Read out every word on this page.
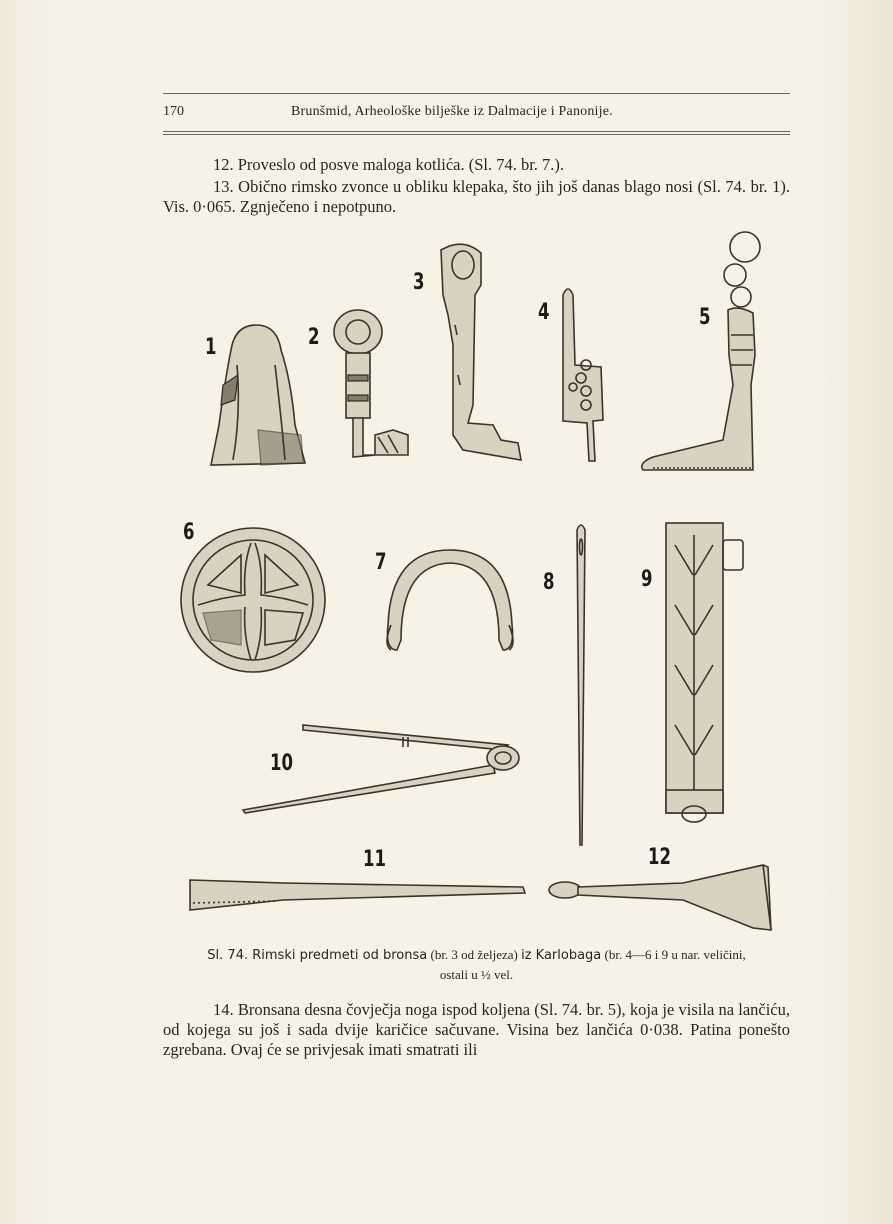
170	Brunšmid, Arheološke bilješke iz Dalmacije i Panonije.
12. Proveslo od posve maloga kotlića. (Sl. 74. br. 7.).
13. Obično rimsko zvonce u obliku klepaka, što jih još danas blago nosi (Sl. 74. br. 1). Vis. 0·065. Zgnječeno i nepotpuno.
1	2
3
4	5
6
7
8	9
10
11	12
Sl. 74. Rimski predmeti od bronsa (br. 3 od željeza) iz Karlobaga (br. 4—6 i 9 u nar. veličini,
ostali u ½ vel.
14. Bronsana desna čovječja noga ispod koljena (Sl. 74. br. 5), koja je visila na lančiću, od kojega su još i sada dvije karičice sačuvane. Visina bez lančića 0·038. Patina ponešto zgrebana. Ovaj će se privjesak imati smatrati ili
